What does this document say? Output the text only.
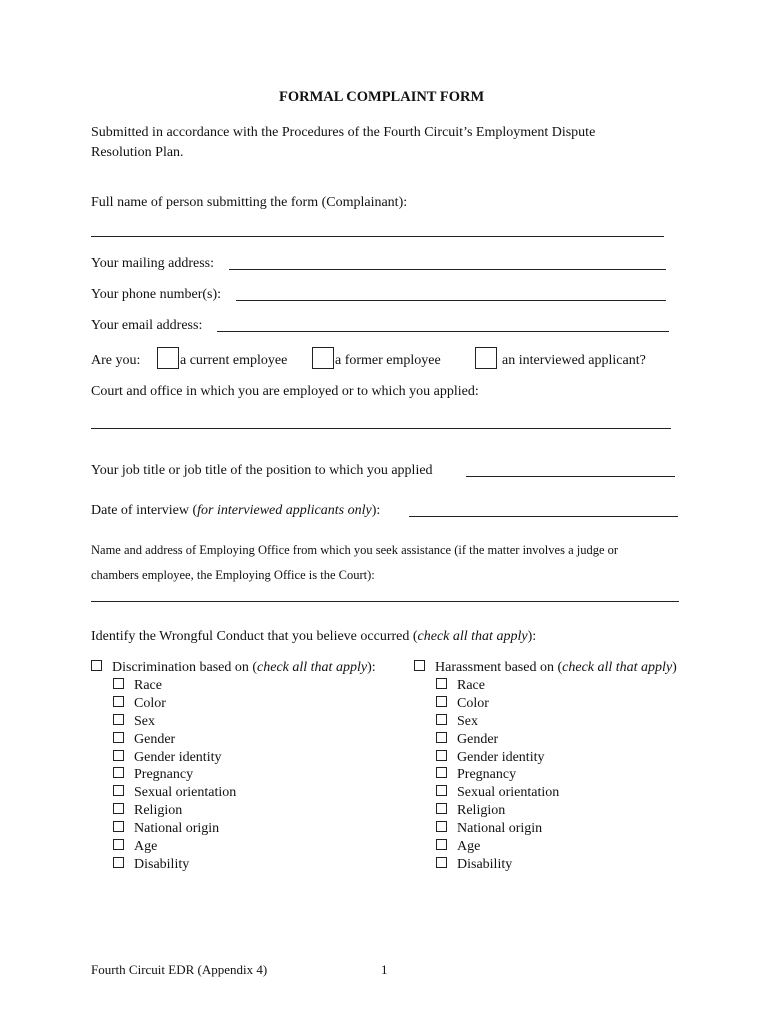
FORMAL COMPLAINT FORM
Submitted in accordance with the Procedures of the Fourth Circuit’s Employment Dispute
Resolution Plan.
Full name of person submitting the form (Complainant):
Your mailing address:
Your phone number(s):
Your email address:
Are you:	a current employee	a former employee	an interviewed applicant?
Court and office in which you are employed or to which you applied:
Your job title or job title of the position to which you applied
Date of interview (for interviewed applicants only):
Name and address of Employing Office from which you seek assistance (if the matter involves a judge or
chambers employee, the Employing Office is the Court):
Identify the Wrongful Conduct that you believe occurred (check all that apply):
Discrimination based on (check all that apply):
Race
Color
Sex
Gender
Gender identity
Pregnancy
Sexual orientation
Religion
National origin
Age
Disability
Harassment based on (check all that apply)
Race
Color
Sex
Gender
Gender identity
Pregnancy
Sexual orientation
Religion
National origin
Age
Disability
Fourth Circuit EDR (Appendix 4)	1
